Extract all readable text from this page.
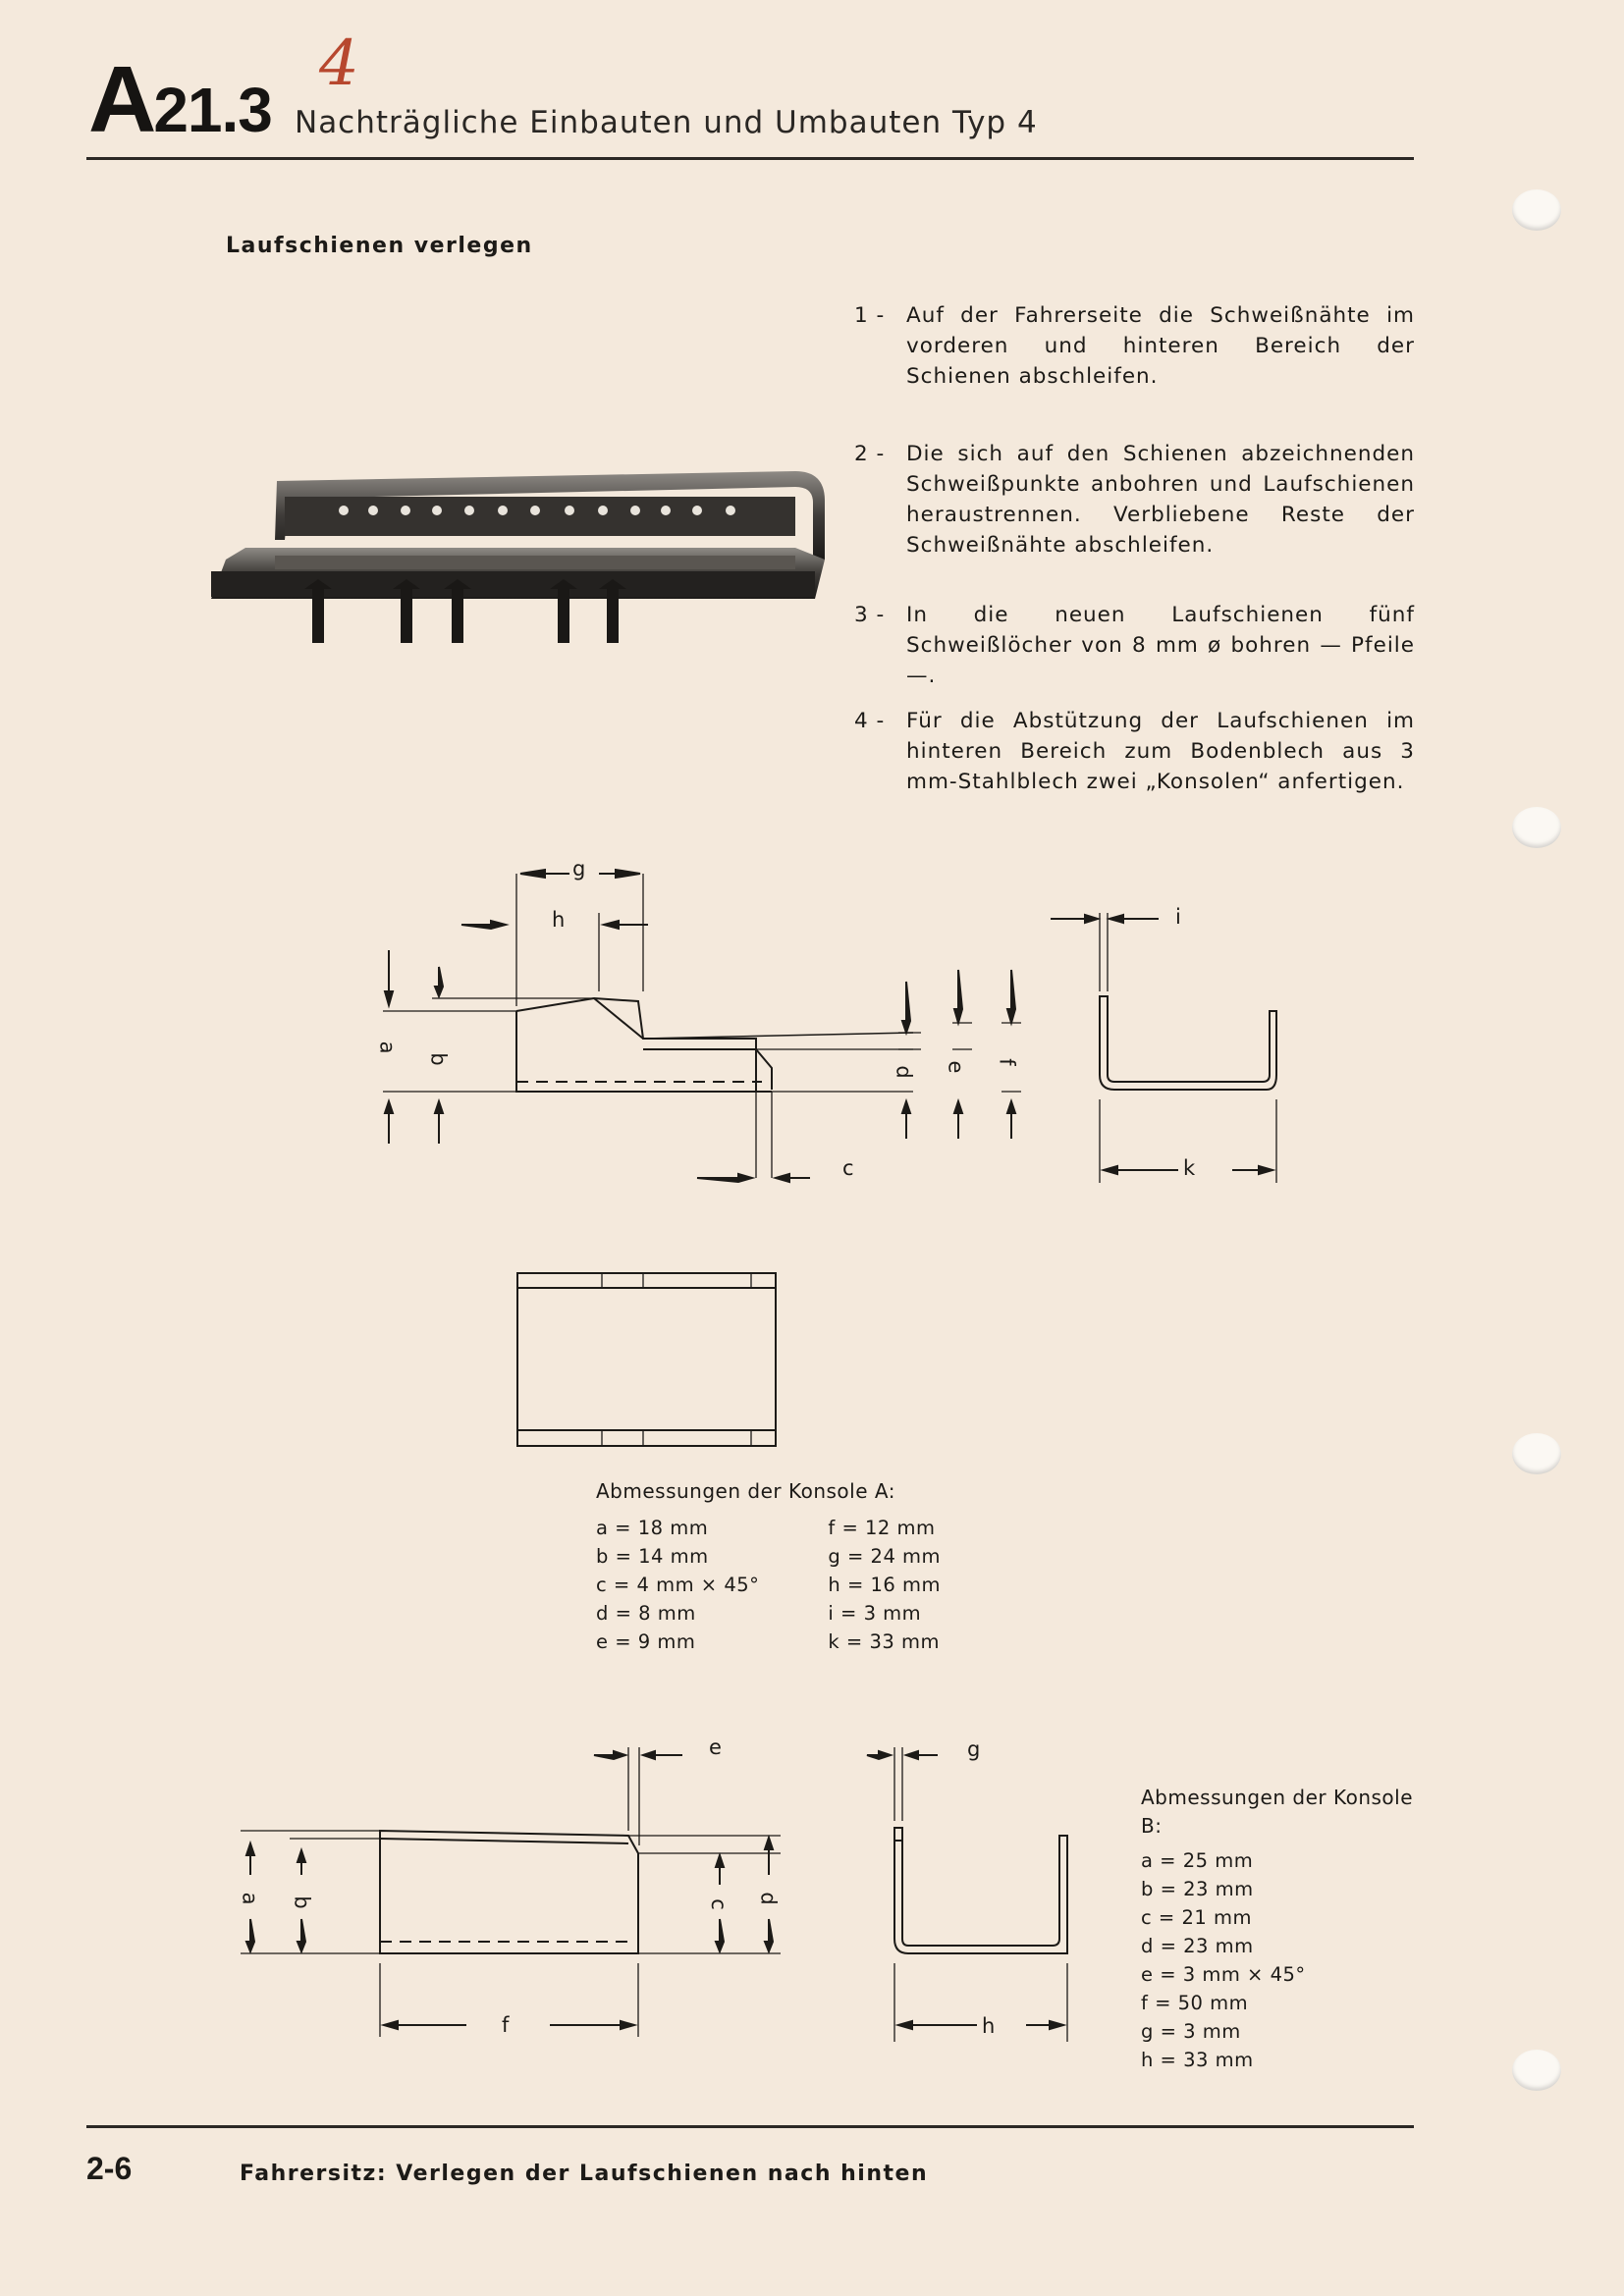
A21.3
4
Nachträgliche Einbauten und Umbauten Typ 4
Laufschienen verlegen
1 -	Auf der Fahrerseite die Schweißnähte im vorderen und hinteren Bereich der Schienen abschleifen.
2 -	Die sich auf den Schienen abzeichnenden Schweißpunkte anbohren und Laufschienen heraustrennen. Verbliebene Reste der Schweißnähte abschleifen.
3 -	In die neuen Laufschienen fünf Schweißlöcher von 8 mm ø bohren — Pfeile —.
4 -	Für die Abstützung der Laufschienen im hinteren Bereich zum Bodenblech aus 3 mm-Stahlblech zwei „Konsolen“ anfertigen.
g
h
a
b
c
d e f
i
k
Abmessungen der Konsole A:
a = 18 mm
b = 14 mm
c = 4 mm × 45°
d = 8 mm
e = 9 mm
f = 12 mm
g = 24 mm
h = 16 mm
i = 3 mm
k = 33 mm
a b	c d
e
f
g
h
Abmessungen der Konsole B:
a = 25 mm
b = 23 mm
c = 21 mm
d = 23 mm
e = 3 mm × 45°
f = 50 mm
g = 3 mm
h = 33 mm
2-6	Fahrersitz: Verlegen der Laufschienen nach hinten
